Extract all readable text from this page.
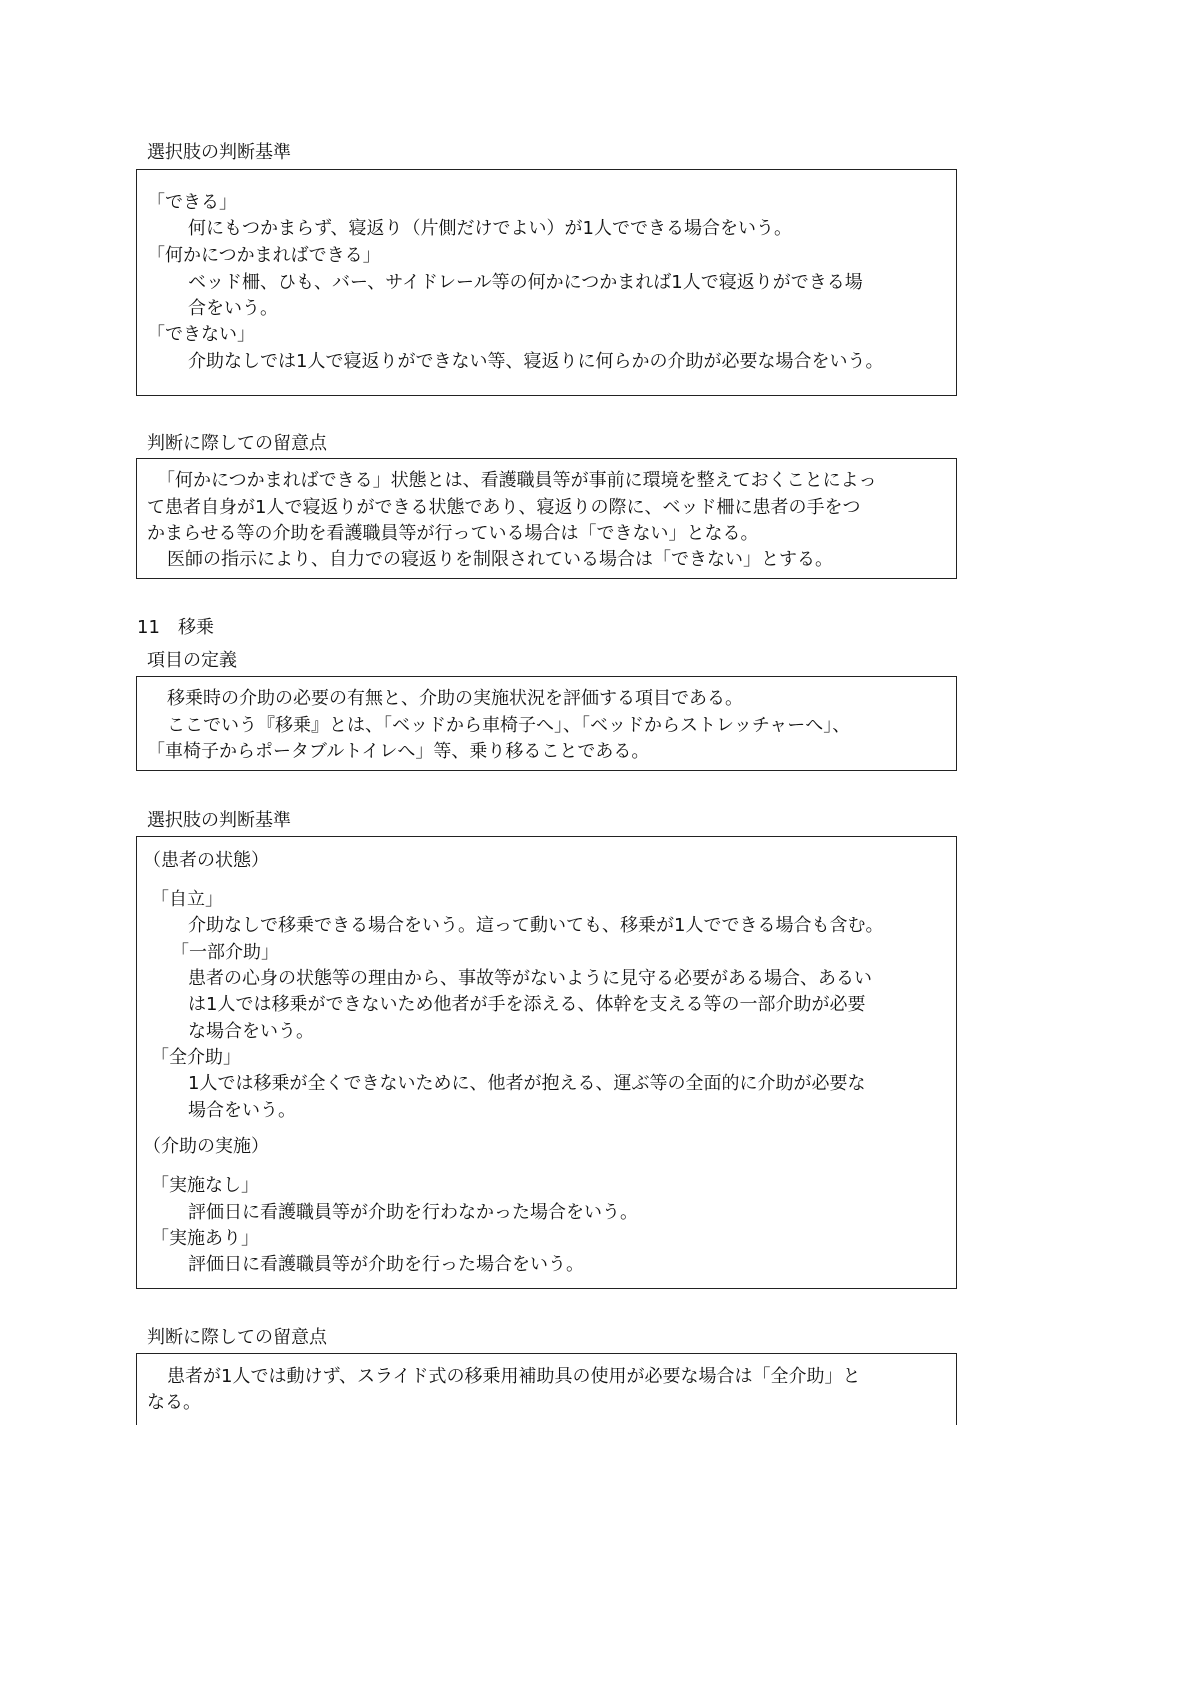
選択肢の判断基準
「できる」
何にもつかまらず、寝返り（片側だけでよい）が1人でできる場合をいう。
「何かにつかまればできる」
ベッド柵、ひも、バー、サイドレール等の何かにつかまれば1人で寝返りができる場
合をいう。
「できない」
介助なしでは1人で寝返りができない等、寝返りに何らかの介助が必要な場合をいう。
判断に際しての留意点
「何かにつかまればできる」状態とは、看護職員等が事前に環境を整えておくことによっ
て患者自身が1人で寝返りができる状態であり、寝返りの際に、ベッド柵に患者の手をつ
かまらせる等の介助を看護職員等が行っている場合は「できない」となる。
医師の指示により、自力での寝返りを制限されている場合は「できない」とする。
11 移乗
項目の定義
移乗時の介助の必要の有無と、介助の実施状況を評価する項目である。
ここでいう『移乗』とは、「ベッドから車椅子へ」、「ベッドからストレッチャーへ」、
「車椅子からポータブルトイレへ」等、乗り移ることである。
選択肢の判断基準
（患者の状態）
「自立」
介助なしで移乗できる場合をいう。這って動いても、移乗が1人でできる場合も含む。
「一部介助」
患者の心身の状態等の理由から、事故等がないように見守る必要がある場合、あるい
は1人では移乗ができないため他者が手を添える、体幹を支える等の一部介助が必要
な場合をいう。
「全介助」
1人では移乗が全くできないために、他者が抱える、運ぶ等の全面的に介助が必要な
場合をいう。
（介助の実施）
「実施なし」
評価日に看護職員等が介助を行わなかった場合をいう。
「実施あり」
評価日に看護職員等が介助を行った場合をいう。
判断に際しての留意点
患者が1人では動けず、スライド式の移乗用補助具の使用が必要な場合は「全介助」と
なる。
